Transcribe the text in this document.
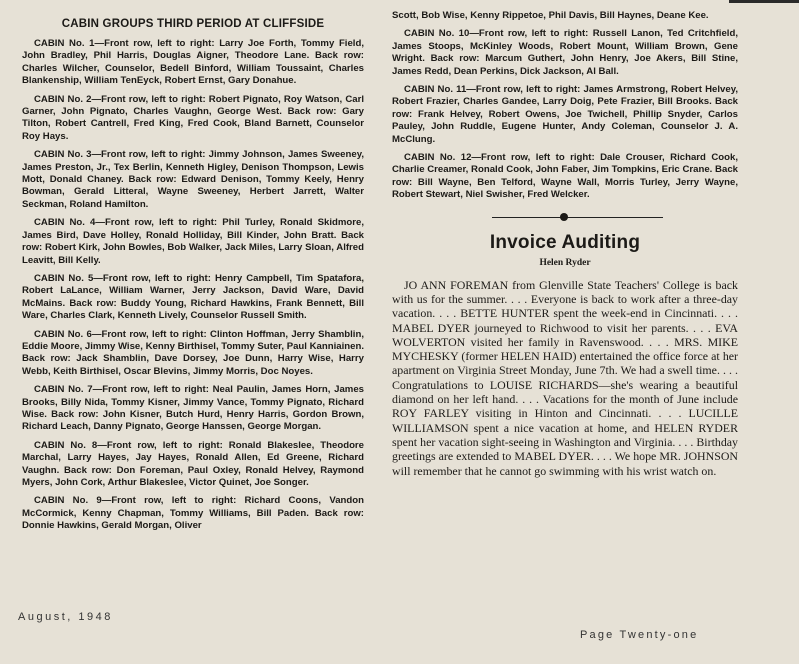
CABIN GROUPS THIRD PERIOD AT CLIFFSIDE

CABIN No. 1—Front row, left to right: Larry Joe Forth, Tommy Field, John Bradley, Phil Harris, Douglas Aigner, Theodore Lane. Back row: Charles Wilcher, Counselor, Bedell Binford, William Toussaint, Charles Blankenship, William TenEyck, Robert Ernst, Gary Donahue.

CABIN No. 2—Front row, left to right: Robert Pignato, Roy Watson, Carl Garner, John Pignato, Charles Vaughn, George West. Back row: Gary Tilton, Robert Cantrell, Fred King, Fred Cook, Bland Barnett, Counselor Roy Hays.

CABIN No. 3—Front row, left to right: Jimmy Johnson, James Sweeney, James Preston, Jr., Tex Berlin, Kenneth Higley, Denison Thompson, Lewis Mott, Donald Chaney. Back row: Edward Denison, Tommy Keely, Henry Bowman, Gerald Litteral, Wayne Sweeney, Herbert Jarrett, Walter Seckman, Roland Hamilton.

CABIN No. 4—Front row, left to right: Phil Turley, Ronald Skidmore, James Bird, Dave Holley, Ronald Holliday, Bill Kinder, John Bratt. Back row: Robert Kirk, John Bowles, Bob Walker, Jack Miles, Larry Sloan, Alfred Leavitt, Bill Kelly.

CABIN No. 5—Front row, left to right: Henry Campbell, Tim Spatafora, Robert LaLance, William Warner, Jerry Jackson, David Ware, David McMains. Back row: Buddy Young, Richard Hawkins, Frank Bennett, Bill Ware, Charles Clark, Kenneth Lively, Counselor Russell Smith.

CABIN No. 6—Front row, left to right: Clinton Hoffman, Jerry Shamblin, Eddie Moore, Jimmy Wise, Kenny Birthisel, Tommy Suter, Paul Kanniainen. Back row: Jack Shamblin, Dave Dorsey, Joe Dunn, Harry Wise, Harry Webb, Keith Birthisel, Oscar Blevins, Jimmy Morris, Doc Noyes.

CABIN No. 7—Front row, left to right: Neal Paulin, James Horn, James Brooks, Billy Nida, Tommy Kisner, Jimmy Vance, Tommy Pignato, Richard Wise. Back row: John Kisner, Butch Hurd, Henry Harris, Gordon Brown, Richard Leach, Danny Pignato, George Hanssen, George Morgan.

CABIN No. 8—Front row, left to right: Ronald Blakeslee, Theodore Marchal, Larry Hayes, Jay Hayes, Ronald Allen, Ed Greene, Richard Vaughn. Back row: Don Foreman, Paul Oxley, Ronald Helvey, Raymond Myers, John Cork, Arthur Blakeslee, Victor Quinet, Joe Songer.

CABIN No. 9—Front row, left to right: Richard Coons, Vandon McCormick, Kenny Chapman, Tommy Williams, Bill Paden. Back row: Donnie Hawkins, Gerald Morgan, Oliver

Scott, Bob Wise, Kenny Rippetoe, Phil Davis, Bill Haynes, Deane Kee.

CABIN No. 10—Front row, left to right: Russell Lanon, Ted Critchfield, James Stoops, McKinley Woods, Robert Mount, William Brown, Gene Wright. Back row: Marcum Guthert, John Henry, Joe Akers, Bill Stine, James Redd, Dean Perkins, Dick Jackson, Al Ball.

CABIN No. 11—Front row, left to right: James Armstrong, Robert Helvey, Robert Frazier, Charles Gandee, Larry Doig, Pete Frazier, Bill Brooks. Back row: Frank Helvey, Robert Owens, Joe Twichell, Phillip Snyder, Carlos Pauley, John Ruddle, Eugene Hunter, Andy Coleman, Counselor J. A. McClung.

CABIN No. 12—Front row, left to right: Dale Crouser, Richard Cook, Charlie Creamer, Ronald Cook, John Faber, Jim Tompkins, Eric Crane. Back row: Bill Wayne, Ben Telford, Wayne Wall, Morris Turley, Jerry Wayne, Robert Stewart, Niel Swisher, Fred Welcker.

Invoice Auditing
Helen Ryder

JO ANN FOREMAN from Glenville State Teachers' College is back with us for the summer. . . . Everyone is back to work after a three-day vacation. . . . BETTE HUNTER spent the week-end in Cincinnati. . . . MABEL DYER journeyed to Richwood to visit her parents. . . . EVA WOLVERTON visited her family in Ravenswood. . . . MRS. MIKE MYCHESKY (former HELEN HAID) entertained the office force at her apartment on Virginia Street Monday, June 7th. We had a swell time. . . . Congratulations to LOUISE RICHARDS—she's wearing a beautiful diamond on her left hand. . . . Vacations for the month of June include ROY FARLEY visiting in Hinton and Cincinnati. . . . LUCILLE WILLIAMSON spent a nice vacation at home, and HELEN RYDER spent her vacation sight-seeing in Washington and Virginia. . . . Birthday greetings are extended to MABEL DYER. . . . We hope MR. JOHNSON will remember that he cannot go swimming with his wrist watch on.

August, 1948
Page Twenty-one
